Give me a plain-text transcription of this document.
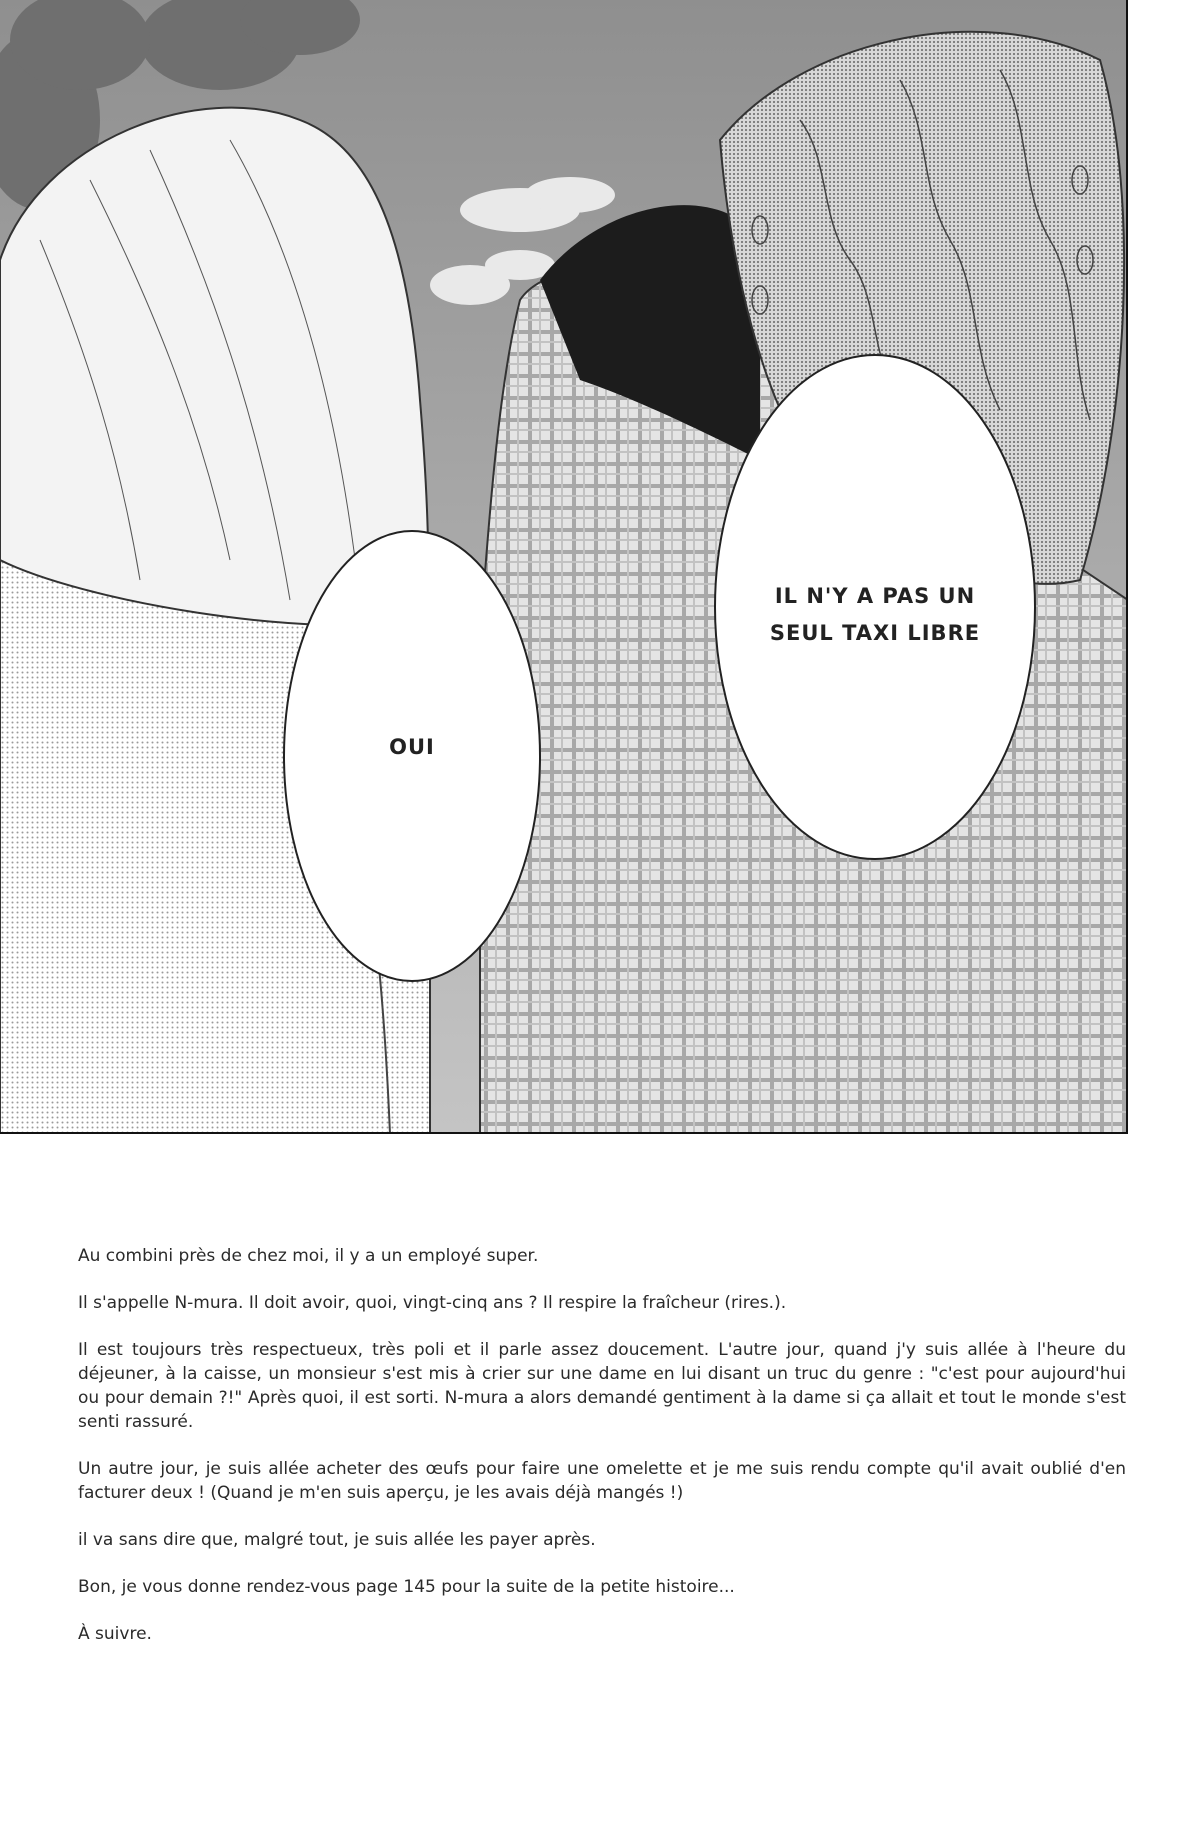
OUI
IL N'Y A PAS UN
SEUL TAXI LIBRE

Au combini près de chez moi, il y a un employé super.

Il s'appelle N-mura. Il doit avoir, quoi, vingt-cinq ans ? Il respire la fraîcheur (rires.).

Il est toujours très respectueux, très poli et il parle assez doucement. L'autre jour, quand j'y suis allée à l'heure du déjeuner, à la caisse, un monsieur s'est mis à crier sur une dame en lui disant un truc du genre : "c'est pour aujourd'hui ou pour demain ?!" Après quoi, il est sorti. N-mura a alors demandé gentiment à la dame si ça allait et tout le monde s'est senti rassuré.

Un autre jour, je suis allée acheter des œufs pour faire une omelette et je me suis rendu compte qu'il avait oublié d'en facturer deux ! (Quand je m'en suis aperçu, je les avais déjà mangés !)

il va sans dire que, malgré tout, je suis allée les payer après.

Bon, je vous donne rendez-vous page 145 pour la suite de la petite histoire...

À suivre.
